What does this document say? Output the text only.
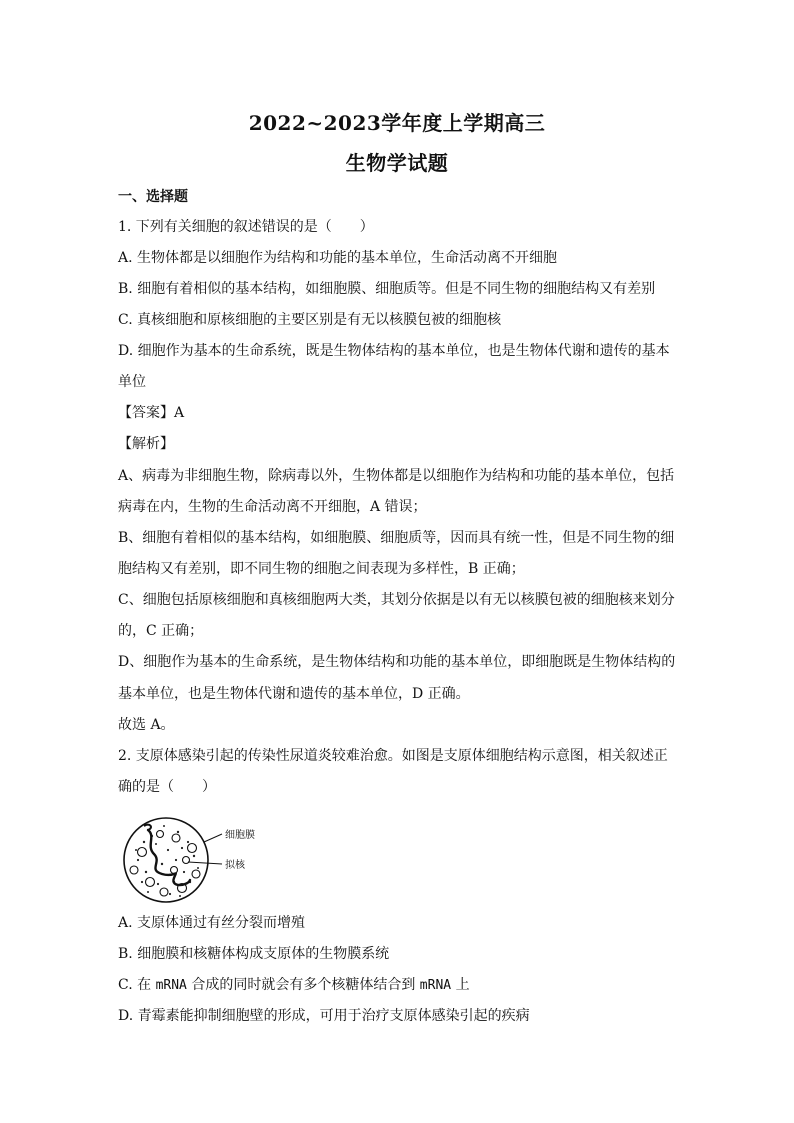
2022~2023学年度上学期高三
生物学试题
一、选择题
1. 下列有关细胞的叙述错误的是（　　）
A. 生物体都是以细胞作为结构和功能的基本单位，生命活动离不开细胞
B. 细胞有着相似的基本结构，如细胞膜、细胞质等。但是不同生物的细胞结构又有差别
C. 真核细胞和原核细胞的主要区别是有无以核膜包被的细胞核
D. 细胞作为基本的生命系统，既是生物体结构的基本单位，也是生物体代谢和遗传的基本
单位
【答案】A
【解析】
A、病毒为非细胞生物，除病毒以外，生物体都是以细胞作为结构和功能的基本单位，包括
病毒在内，生物的生命活动离不开细胞，A 错误；
B、细胞有着相似的基本结构，如细胞膜、细胞质等，因而具有统一性，但是不同生物的细
胞结构又有差别，即不同生物的细胞之间表现为多样性，B 正确；
C、细胞包括原核细胞和真核细胞两大类，其划分依据是以有无以核膜包被的细胞核来划分
的，C 正确；
D、细胞作为基本的生命系统，是生物体结构和功能的基本单位，即细胞既是生物体结构的
基本单位，也是生物体代谢和遗传的基本单位，D 正确。
故选 A。
2. 支原体感染引起的传染性尿道炎较难治愈。如图是支原体细胞结构示意图，相关叙述正
确的是（　　）
细胞膜
拟核
A. 支原体通过有丝分裂而增殖
B. 细胞膜和核糖体构成支原体的生物膜系统
C. 在 mRNA 合成的同时就会有多个核糖体结合到 mRNA 上
D. 青霉素能抑制细胞壁的形成，可用于治疗支原体感染引起的疾病
